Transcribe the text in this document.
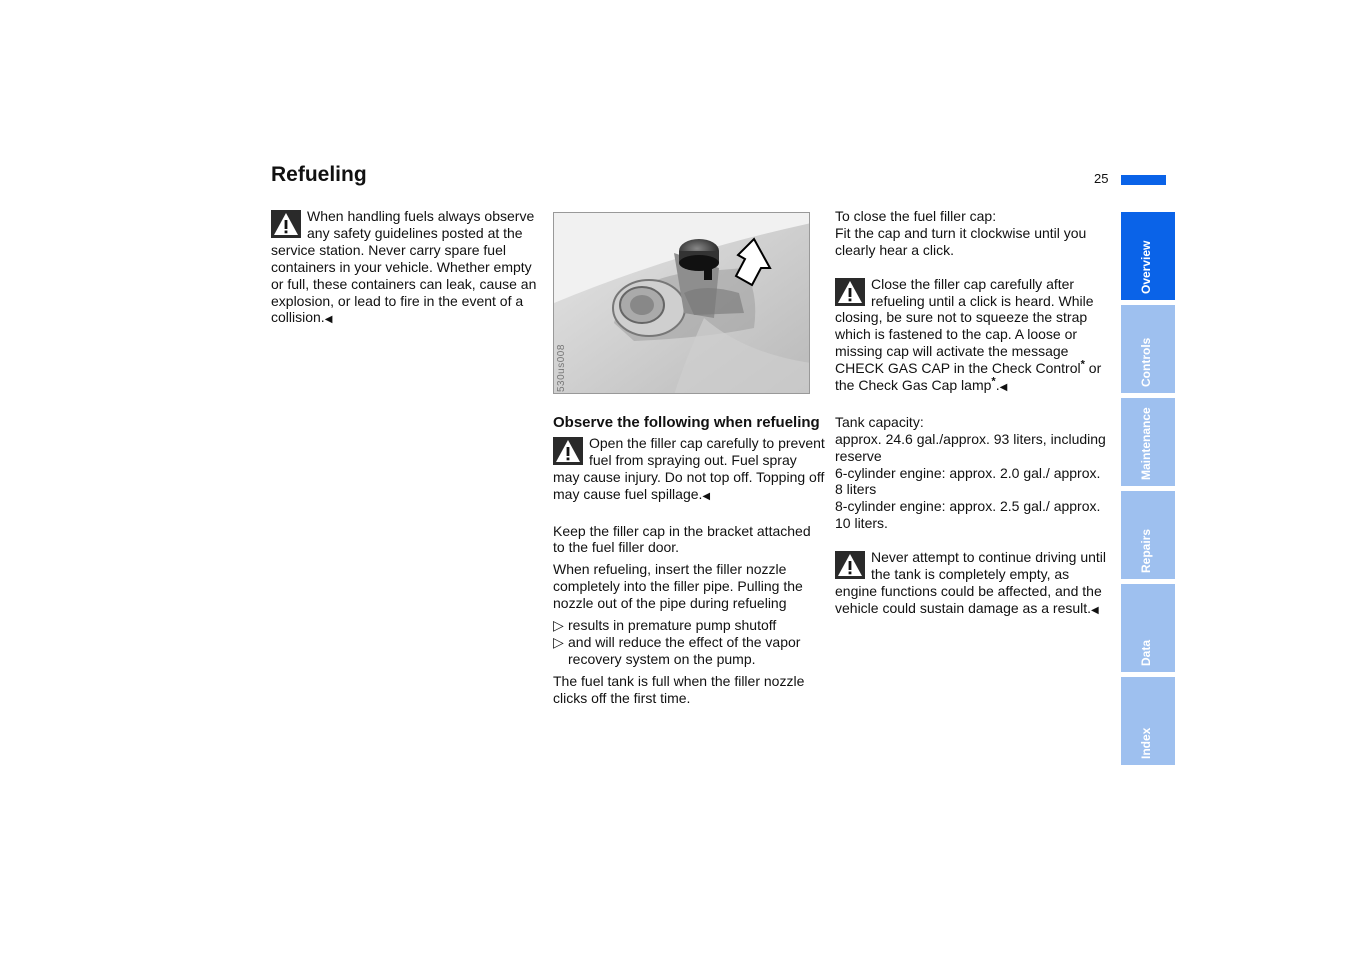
Refueling	25

When handling fuels always observe any safety guidelines posted at the service station. Never carry spare fuel containers in your vehicle. Whether empty or full, these containers can leak, cause an explosion, or lead to fire in the event of a collision.◀

530us008

Observe the following when refueling

Open the filler cap carefully to prevent fuel from spraying out. Fuel spray may cause injury. Do not top off. Topping off may cause fuel spillage.◀

Keep the filler cap in the bracket attached to the fuel filler door.

When refueling, insert the filler nozzle completely into the filler pipe. Pulling the nozzle out of the pipe during refueling

▷ results in premature pump shutoff

▷ and will reduce the effect of the vapor recovery system on the pump.

The fuel tank is full when the filler nozzle clicks off the first time.

To close the fuel filler cap:

Fit the cap and turn it clockwise until you clearly hear a click.

Close the filler cap carefully after refueling until a click is heard. While closing, be sure not to squeeze the strap which is fastened to the cap. A loose or missing cap will activate the message CHECK GAS CAP in the Check Control* or the Check Gas Cap lamp*.◀

Tank capacity:

approx. 24.6 gal./approx. 93 liters, including reserve

6-cylinder engine: approx. 2.0 gal./ approx. 8 liters

8-cylinder engine: approx. 2.5 gal./ approx. 10 liters.

Never attempt to continue driving until the tank is completely empty, as engine functions could be affected, and the vehicle could sustain damage as a result.◀

Overview
Controls
Maintenance
Repairs
Data
Index
